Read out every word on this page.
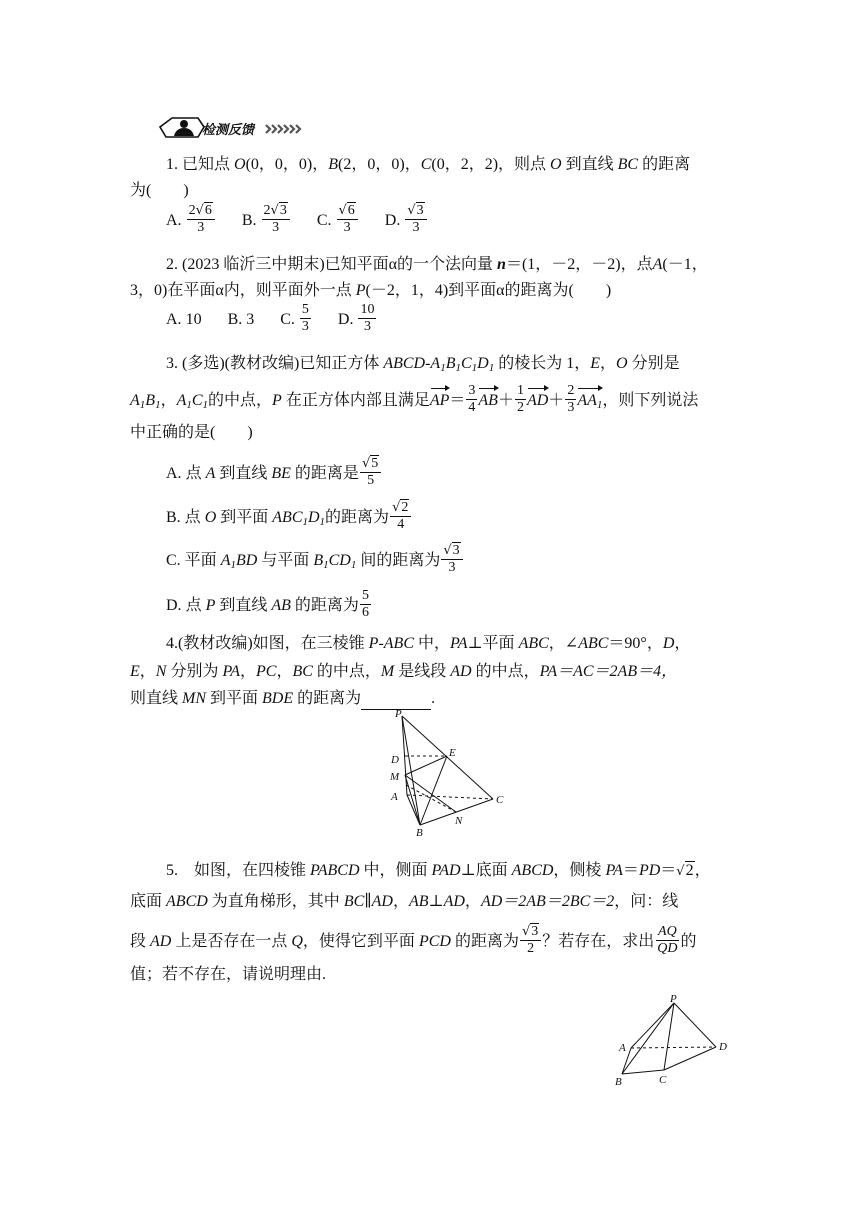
检测反馈
1. 已知点 O(0，0，0)，B(2，0，0)，C(0，2，2)，则点 O 到直线 BC 的距离
为(　　)
A. $\frac{2√6}{3} B$. $\frac{2√3}{3} C$. $\frac{√6}{3} D$. $\frac{√3}{3}$
2. (2023 临沂三中期末)已知平面α的一个法向量 n＝(1，－2，－2)，点A(－1，
3，0)在平面α内，则平面外一点 P(－2，1，4)到平面α的距离为(　　)
A. 10 B. 3 C. $\frac{5}{3} D$. $\frac{10}{3}$
3. (多选)(教材改编)已知正方体 ABCD-$A_1B_1C_1D_1$ 的棱长为 1，E，O 分别是
$A_1B_1$，$A_1C_1$的中点，P 在正方体内部且满足$AP= \frac{3}{4} AB+ \frac{1}{2} AD+ \frac{2}{3} AA_1$，则下列说法
中正确的是(　　)
A. 点 A 到直线 BE 的距离是 $\frac{√5}{5}$
B. 点 O 到平面 $ABC_1D_1$的距离为 $\frac{√2}{4}$
C. 平面 $A_1BD$ 与平面 $B_1CD_1$ 间的距离为 $\frac{√3}{3}$
D. 点 P 到直线 AB 的距离为 $\frac{5}{6}$
4.(教材改编)如图，在三棱锥 P-ABC 中，PA⊥平面 ABC，∠ABC＝90°，D，
E，N 分别为 PA，PC，BC 的中点，M 是线段 AD 的中点，PA＝AC＝2AB＝4，
则直线 MN 到平面 BDE 的距离为	.
P
E
D
M
A	C
N
B
5.　 如图，在四棱锥 PABCD 中，侧面 PAD⊥底面 ABCD，侧棱 PA＝PD＝√2，
底面 ABCD 为直角梯形，其中 BC∥AD，AB⊥AD，AD＝2AB＝2BC＝2，问：线
段 AD 上是否存在一点 Q，使得它到平面 PCD 的距离为 $\frac{√3}{2}$ ？若存在，求出 $\frac{AQ}{QD}$ 的
值；若不存在，请说明理由.
P
A	D
B	C
